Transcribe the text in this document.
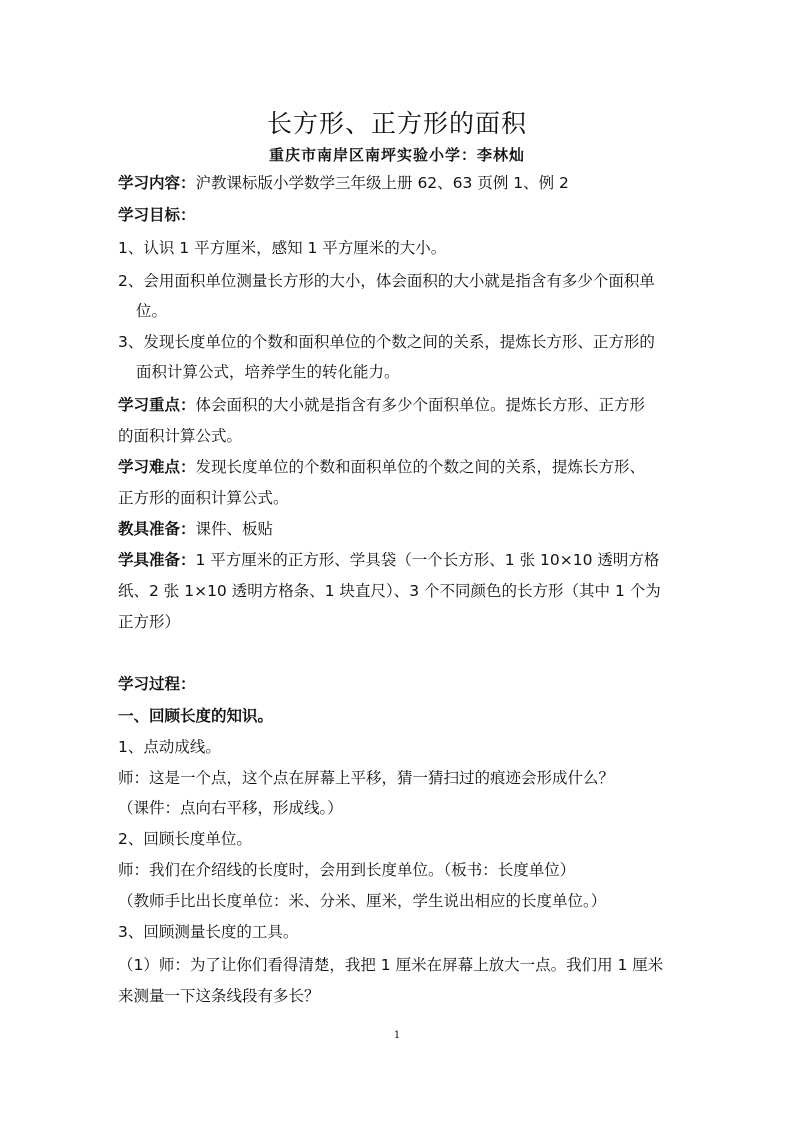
长方形、正方形的面积
重庆市南岸区南坪实验小学：李林灿
学习内容：沪教课标版小学数学三年级上册 62、63 页例 1、例 2
学习目标：
1、认识 1 平方厘米，感知 1 平方厘米的大小。
2、会用面积单位测量长方形的大小，体会面积的大小就是指含有多少个面积单
位。
3、发现长度单位的个数和面积单位的个数之间的关系，提炼长方形、正方形的
面积计算公式，培养学生的转化能力。
学习重点：体会面积的大小就是指含有多少个面积单位。提炼长方形、正方形
的面积计算公式。
学习难点：发现长度单位的个数和面积单位的个数之间的关系，提炼长方形、
正方形的面积计算公式。
教具准备：课件、板贴
学具准备：1 平方厘米的正方形、学具袋（一个长方形、1 张 10×10 透明方格
纸、2 张 1×10 透明方格条、1 块直尺）、3 个不同颜色的长方形（其中 1 个为
正方形）
学习过程：
一、回顾长度的知识。
1、点动成线。
师：这是一个点，这个点在屏幕上平移，猜一猜扫过的痕迹会形成什么？
（课件：点向右平移，形成线。）
2、回顾长度单位。
师：我们在介绍线的长度时，会用到长度单位。（板书：长度单位）
（教师手比出长度单位：米、分米、厘米，学生说出相应的长度单位。）
3、回顾测量长度的工具。
（1）师：为了让你们看得清楚，我把 1 厘米在屏幕上放大一点。我们用 1 厘米
来测量一下这条线段有多长？
1
